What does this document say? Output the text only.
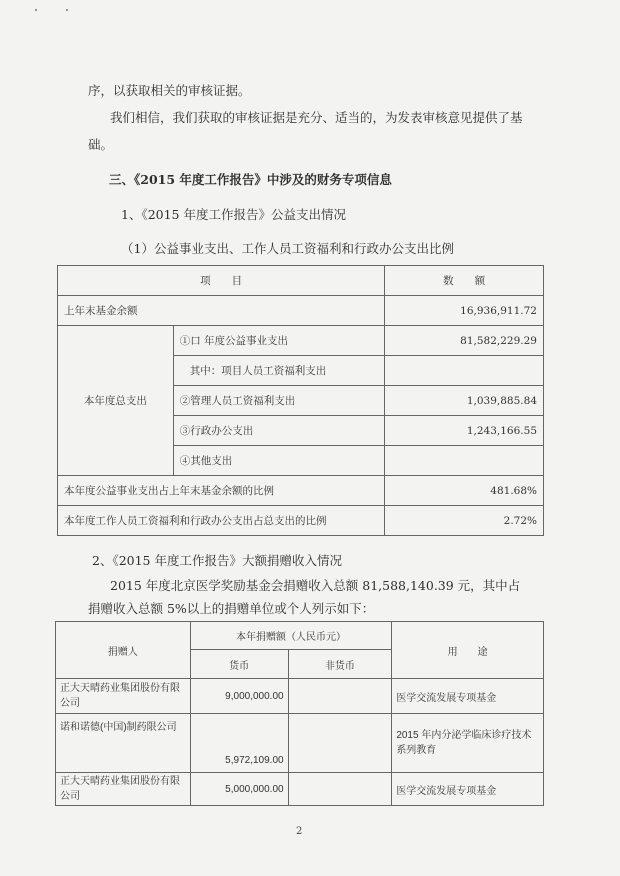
序，以获取相关的审核证据。
我们相信，我们获取的审核证据是充分、适当的，为发表审核意见提供了基
础。
三、《2015 年度工作报告》中涉及的财务专项信息
1、《2015 年度工作报告》公益支出情况
（1）公益事业支出、工作人员工资福利和行政办公支出比例
项　　目		数　　额
上年末基金余额		16,936,911.72
本年度总支出	①口 年度公益事业支出	81,582,229.29
	其中：项目人员工资福利支出	
	②管理人员工资福利支出	1,039,885.84
	③行政办公支出	1,243,166.55
	④其他支出	
本年度公益事业支出占上年末基金余额的比例		481.68%
本年度工作人员工资福利和行政办公支出占总支出的比例		2.72%
2、《2015 年度工作报告》大额捐赠收入情况
2015 年度北京医学奖励基金会捐赠收入总额 81,588,140.39 元，其中占
捐赠收入总额 5%以上的捐赠单位或个人列示如下：
捐赠人	本年捐赠额（人民币元）		用　　途
	货币	非货币	
正大天晴药业集团股份有限公司	9,000,000.00		医学交流发展专项基金
诺和诺德(中国)制药限公司	5,972,109.00		2015 年内分泌学临床诊疗技术系列教育
正大天晴药业集团股份有限公司	5,000,000.00		医学交流发展专项基金
2
